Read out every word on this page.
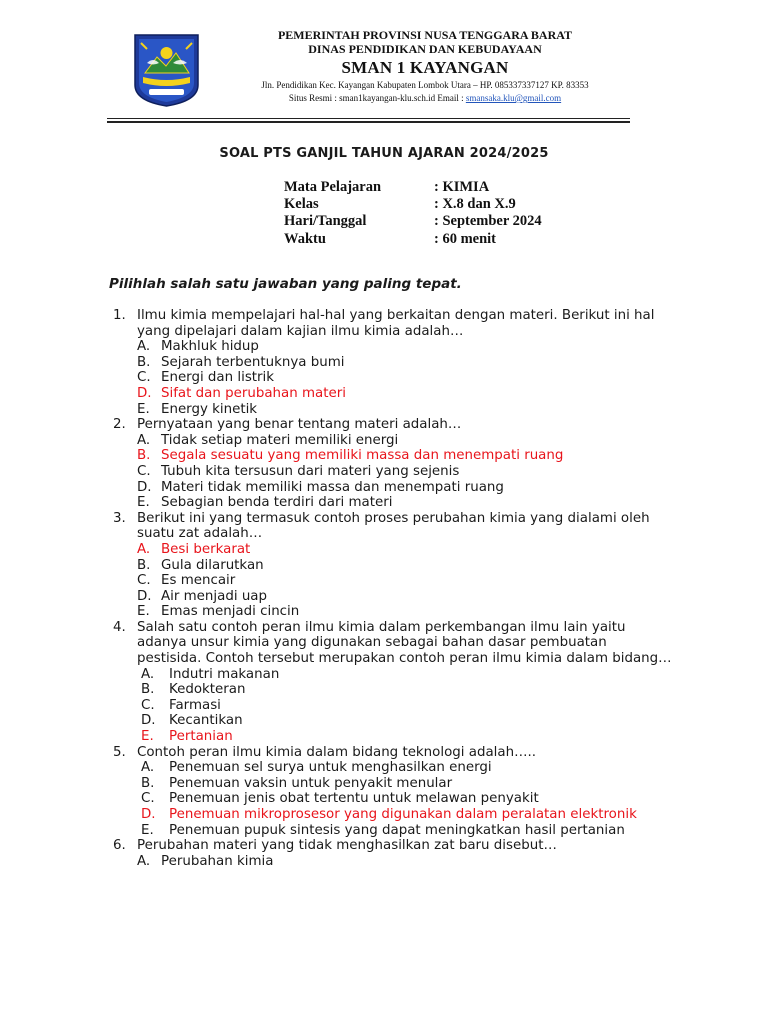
PEMERINTAH PROVINSI NUSA TENGGARA BARAT
DINAS PENDIDIKAN DAN KEBUDAYAAN
SMAN 1 KAYANGAN
Jln. Pendidikan Kec. Kayangan Kabupaten Lombok Utara – HP. 085337337127 KP. 83353
Situs Resmi : sman1kayangan-klu.sch.id Email : smansaka.klu@gmail.com
SOAL PTS GANJIL TAHUN AJARAN 2024/2025
Mata Pelajaran	: KIMIA
Kelas	: X.8 dan X.9
Hari/Tanggal	: September 2024
Waktu	: 60 menit
Pilihlah salah satu jawaban yang paling tepat.
1. Ilmu kimia mempelajari hal-hal yang berkaitan dengan materi. Berikut ini hal yang dipelajari dalam kajian ilmu kimia adalah…
A. Makhluk hidup
B. Sejarah terbentuknya bumi
C. Energi dan listrik
D. Sifat dan perubahan materi
E. Energy kinetik
2. Pernyataan yang benar tentang materi adalah…
A. Tidak setiap materi memiliki energi
B. Segala sesuatu yang memiliki massa dan menempati ruang
C. Tubuh kita tersusun dari materi yang sejenis
D. Materi tidak memiliki massa dan menempati ruang
E. Sebagian benda terdiri dari materi
3. Berikut ini yang termasuk contoh proses perubahan kimia yang dialami oleh suatu zat adalah…
A. Besi berkarat
B. Gula dilarutkan
C. Es mencair
D. Air menjadi uap
E. Emas menjadi cincin
4. Salah satu contoh peran ilmu kimia dalam perkembangan ilmu lain yaitu adanya unsur kimia yang digunakan sebagai bahan dasar pembuatan pestisida. Contoh tersebut merupakan contoh peran ilmu kimia dalam bidang…
A. Indutri makanan
B. Kedokteran
C. Farmasi
D. Kecantikan
E. Pertanian
5. Contoh peran ilmu kimia dalam bidang teknologi adalah…..
A. Penemuan sel surya untuk menghasilkan energi
B. Penemuan vaksin untuk penyakit menular
C. Penemuan jenis obat tertentu untuk melawan penyakit
D. Penemuan mikroprosesor yang digunakan dalam peralatan elektronik
E. Penemuan pupuk sintesis yang dapat meningkatkan hasil pertanian
6. Perubahan materi yang tidak menghasilkan zat baru disebut…
A. Perubahan kimia
